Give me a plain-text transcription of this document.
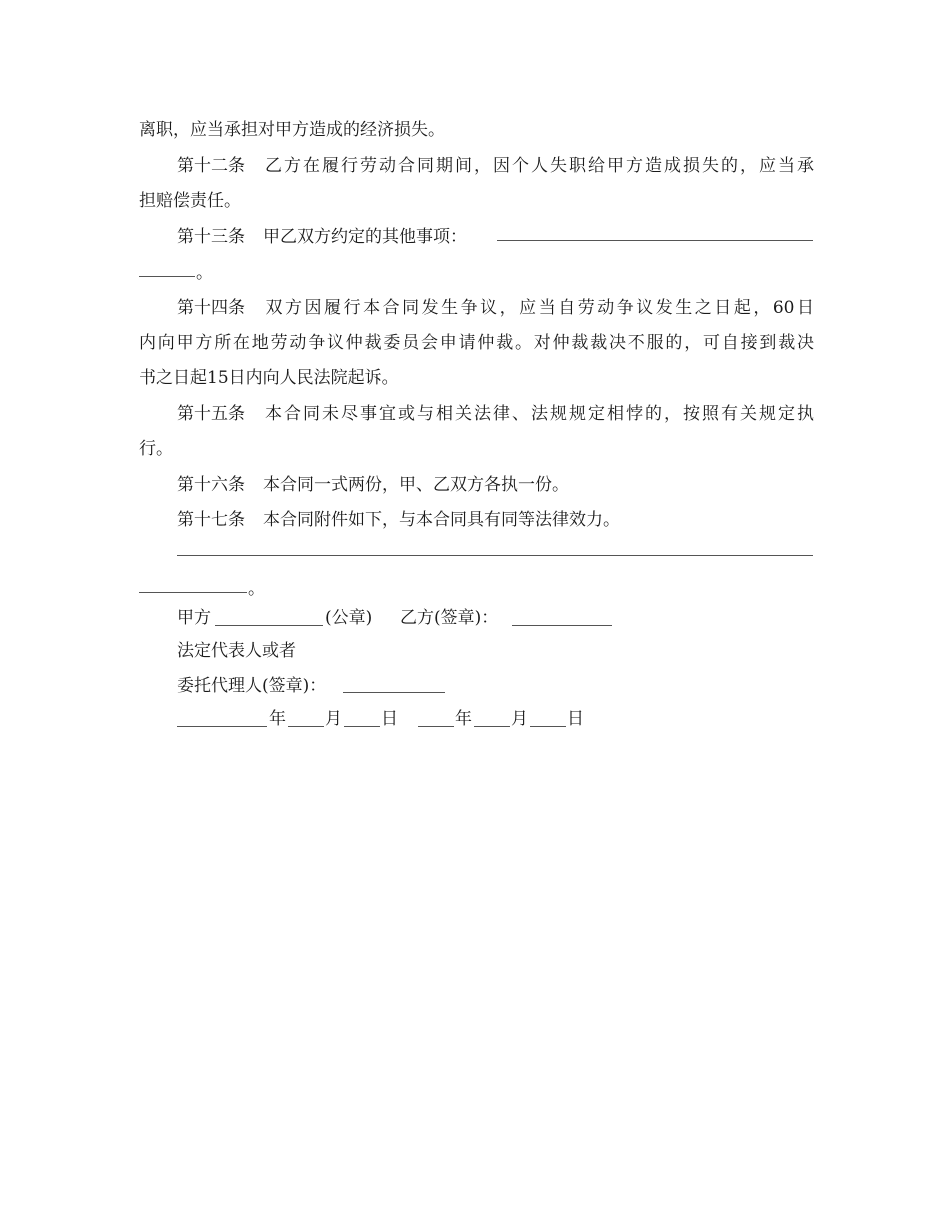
离职，应当承担对甲方造成的经济损失。
第十二条 乙方在履行劳动合同期间，因个人失职给甲方造成损失的，应当承
担赔偿责任。
第十三条 甲乙双方约定的其他事项：
。
第十四条 双方因履行本合同发生争议，应当自劳动争议发生之日起，60日
内向甲方所在地劳动争议仲裁委员会申请仲裁。对仲裁裁决不服的，可自接到裁决
书之日起15日内向人民法院起诉。
第十五条 本合同未尽事宜或与相关法律、法规规定相悖的，按照有关规定执
行。
第十六条 本合同一式两份，甲、乙双方各执一份。
第十七条 本合同附件如下，与本合同具有同等法律效力。
。
甲方	(公章)	乙方(签章)：
法定代表人或者
委托代理人(签章)：
年 月 日	年 月 日
